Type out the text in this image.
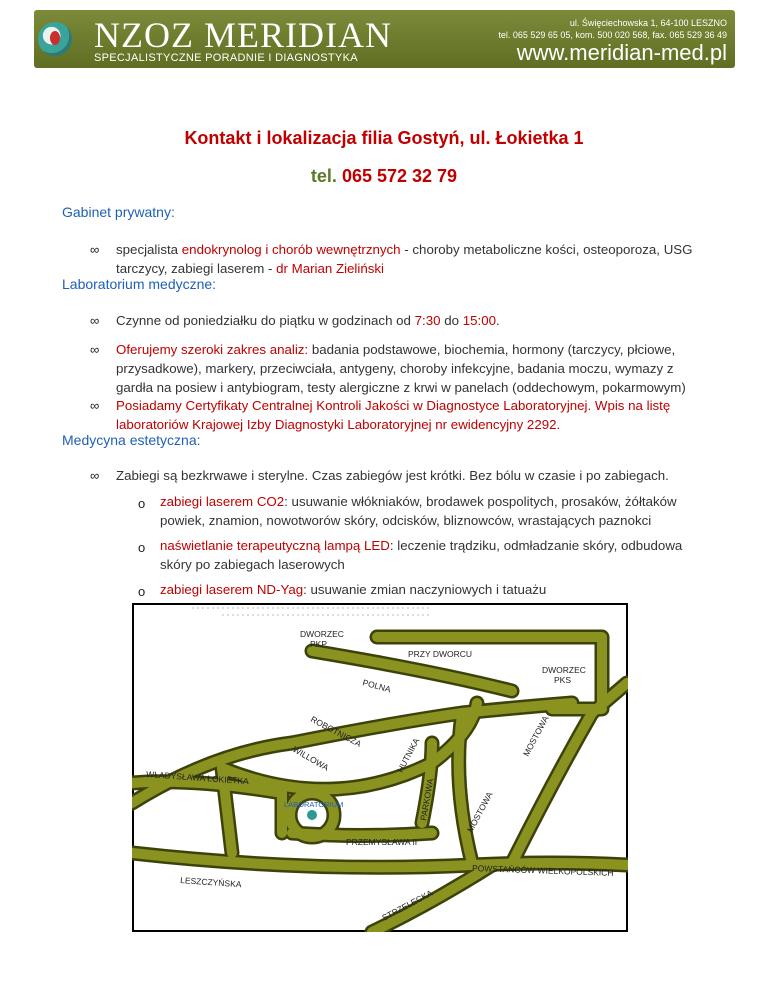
NZOZ MERIDIAN
SPECJALISTYCZNE PORADNIE I DIAGNOSTYKA
ul. Święciechowska 1, 64-100 LESZNO
tel. 065 529 65 05, kom. 500 020 568, fax. 065 529 36 49
www.meridian-med.pl
Kontakt i lokalizacja filia Gostyń, ul. Łokietka 1
tel. 065 572 32 79
Gabinet prywatny:
∞ specjalista endokrynolog i chorób wewnętrznych - choroby metaboliczne kości, osteoporoza, USG tarczycy, zabiegi laserem - dr Marian Zieliński
Laboratorium medyczne:
∞ Czynne od poniedziałku do piątku w godzinach od 7:30 do 15:00.
∞ Oferujemy szeroki zakres analiz: badania podstawowe, biochemia, hormony (tarczycy, płciowe, przysadkowe), markery, przeciwciała, antygeny, choroby infekcyjne, badania moczu, wymazy z gardła na posiew i antybiogram, testy alergiczne z krwi w panelach (oddechowym, pokarmowym)
∞ Posiadamy Certyfikaty Centralnej Kontroli Jakości w Diagnostyce Laboratoryjnej. Wpis na listę laboratoriów Krajowej Izby Diagnostyki Laboratoryjnej nr ewidencyjny 2292.
Medycyna estetyczna:
∞ Zabiegi są bezkrwawe i sterylne. Czas zabiegów jest krótki. Bez bólu w czasie i po zabiegach.
o zabiegi laserem CO2: usuwanie włókniaków, brodawek pospolitych, prosaków, żółtaków powiek, znamion, nowotworów skóry, odcisków, bliznowców, wrastających paznokci
o naświetlanie terapeutyczną lampą LED: leczenie trądziku, odmładzanie skóry, odbudowa skóry po zabiegach laserowych
o zabiegi laserem ND-Yag: usuwanie zmian naczyniowych i tatuażu
DWORZEC
PKP
PRZY DWORCU
DWORZEC
PKS
POLNA
ROBOTNICZA
WILLOWA
WŁADYSŁAWA ŁOKIETKA
HUTNIKA	MOSTOWA
MOSTOWA
PARKOWA
LABORATORIUM
PRZEMYSŁAWA II
POWSTAŃCÓW WIELKOPOLSKICH
LESZCZYŃSKA
STRZELECKA
